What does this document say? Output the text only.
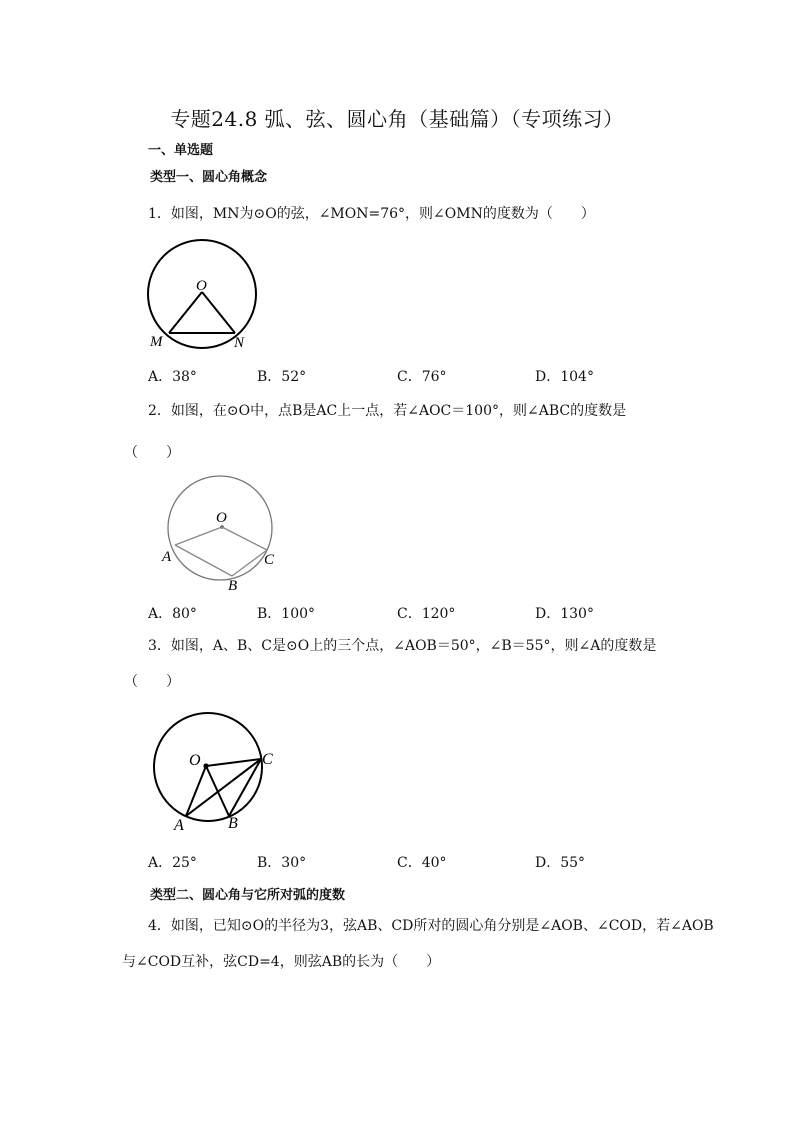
专题24.8 弧、弦、圆心角（基础篇）（专项练习）
一、单选题
类型一、圆心角概念
1．如图，MN为⊙O的弦，∠MON=76°，则∠OMN的度数为（　　）
O
M	N
A．38°	B．52°	C．76°	D．104°
2．如图，在⊙O中，点B是AC上一点，若∠AOC＝100°，则∠ABC的度数是
（　　）
O
A	C
B
A．80°	B．100°	C．120°	D．130°
3．如图，A、B、C是⊙O上的三个点，∠AOB＝50°，∠B＝55°，则∠A的度数是
（　　）
O	C
A	B
A．25°	B．30°	C．40°	D．55°
类型二、圆心角与它所对弧的度数
4．如图，已知⊙O的半径为3，弦AB、CD所对的圆心角分别是∠AOB、∠COD，若∠AOB
与∠COD互补，弦CD=4，则弦AB的长为（　　）
